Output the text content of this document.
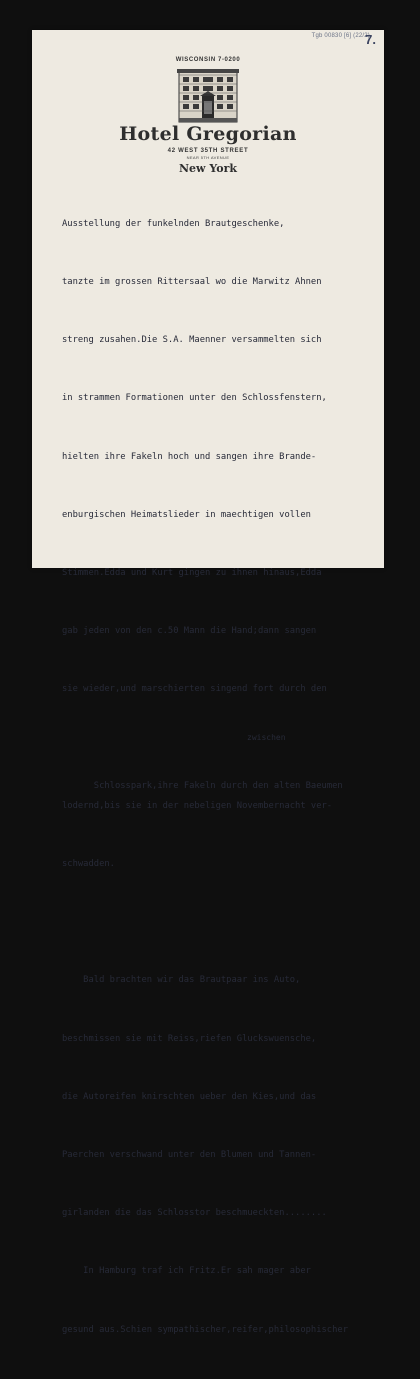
Tgb 00830 [6] (22/2)
7.
WISCONSIN 7-0200
Hotel Gregorian
42 WEST 35TH STREET
NEAR 5TH AVENUE
New York

Ausstellung der funkelnden Brautgeschenke,

tanzte im grossen Rittersaal wo die Marwitz Ahnen

streng zusahen.Die S.A. Maenner versammelten sich

in strammen Formationen unter den Schlossfenstern,

hielten ihre Fakeln hoch und sangen ihre Brande-

enburgischen Heimatslieder in maechtigen vollen

Stimmen.Edda und Kurt gingen zu ihnen hinaus,Edda

gab jeden von den c.50 Mann die Hand;dann sangen

sie wieder,und marschierten singend fort durch den

zwischen

Schlosspark,ihre Fakeln durch den alten Baeumen

lodernd,bis sie in der nebeligen Novembernacht ver-

schwadden.

Bald brachten wir das Brautpaar ins Auto,

beschmissen sie mit Reiss,riefen Gluckswuensche,

die Autoreifen knirschten ueber den Kies,und das

Paerchen verschwand unter den Blumen und Tannen-

girlanden die das Schlosstor beschmueckten........

In Hamburg traf ich Fritz.Er sah mager aber

gesund aus.Schien sympathischer,reifer,philosophischer
